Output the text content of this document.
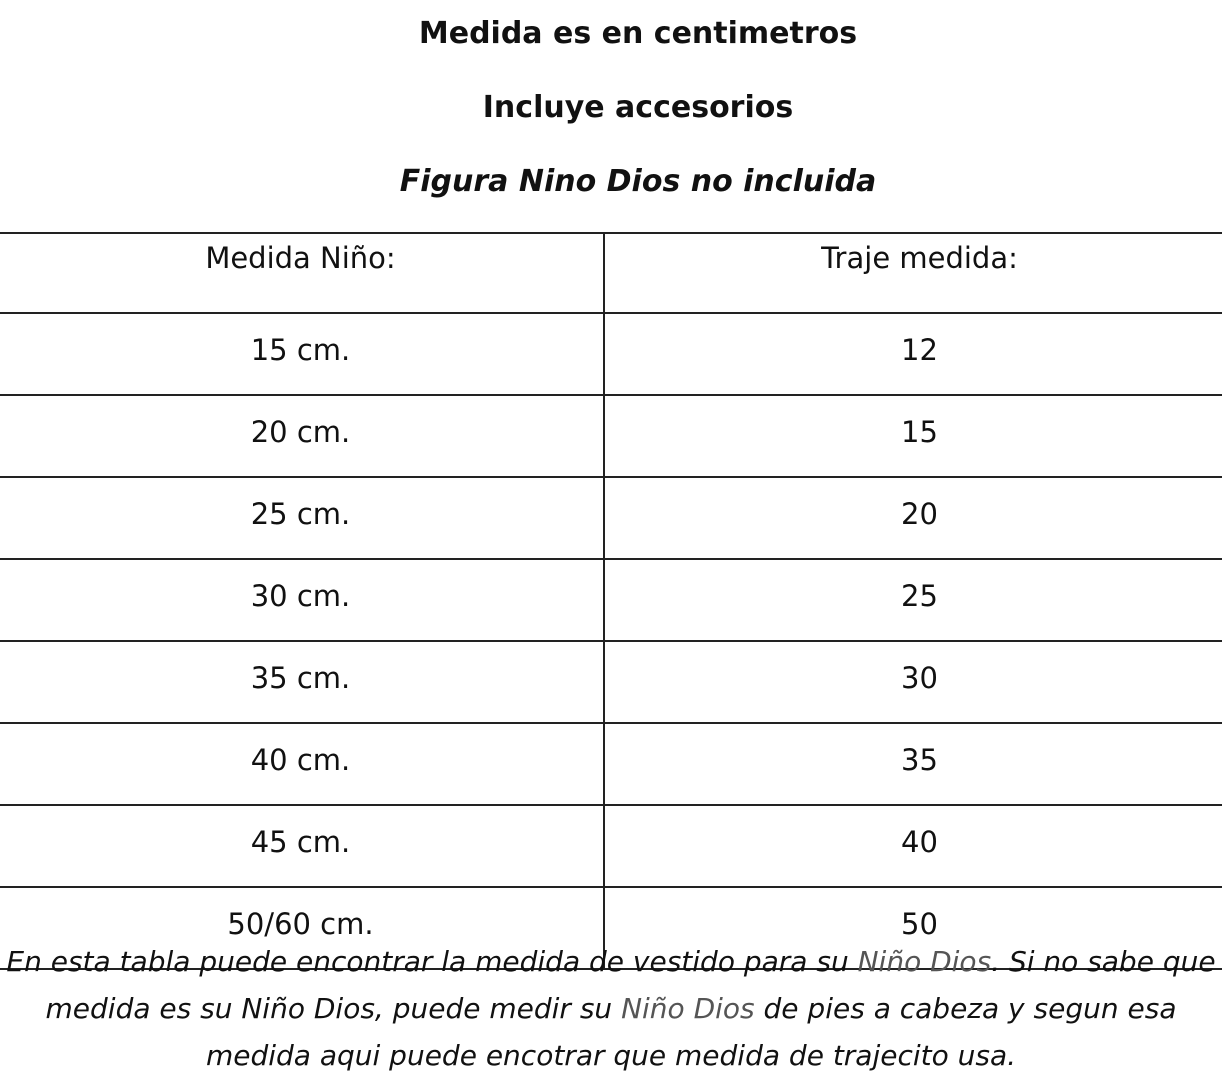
Medida es en centimetros
Incluye accesorios
Figura Nino Dios no incluida
Medida Niño:	Traje medida:
15 cm.	12
20 cm.	15
25 cm.	20
30 cm.	25
35 cm.	30
40 cm.	35
45 cm.	40
50/60 cm.	50

En esta tabla puede encontrar la medida de vestido para su Niño Dios. Si no sabe que medida es su Niño Dios, puede medir su Niño Dios de pies a cabeza y segun esa medida aqui puede encotrar que medida de trajecito usa.
